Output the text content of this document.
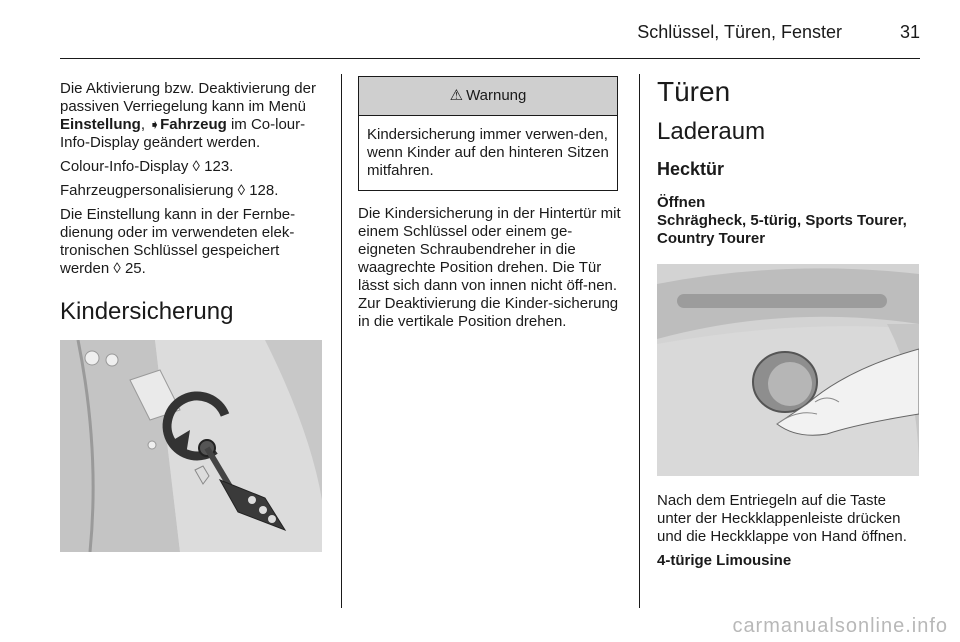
Schlüssel, Türen, Fenster	31

Die Aktivierung bzw. Deaktivierung der passiven Verriegelung kann im Menü Einstellung, ➧Fahrzeug im Co-lour-Info-Display geändert werden.

Colour-Info-Display ◊ 123.

Fahrzeugpersonalisierung ◊ 128.

Die Einstellung kann in der Fernbe-dienung oder im verwendeten elek-tronischen Schlüssel gespeichert werden ◊ 25.

Kindersicherung
⚠ Warnung
Kindersicherung immer verwen-den, wenn Kinder auf den hinteren Sitzen mitfahren.

Die Kindersicherung in der Hintertür mit einem Schlüssel oder einem ge-eigneten Schraubendreher in die waagrechte Position drehen. Die Tür lässt sich dann von innen nicht öff-nen. Zur Deaktivierung die Kinder-sicherung in die vertikale Position drehen.

Türen
Laderaum
Hecktür
Öffnen
Schrägheck, 5-türig, Sports Tourer, Country Tourer

Nach dem Entriegeln auf die Taste unter der Heckklappenleiste drücken und die Heckklappe von Hand öffnen.

4-türige Limousine
carmanualsonline.info
